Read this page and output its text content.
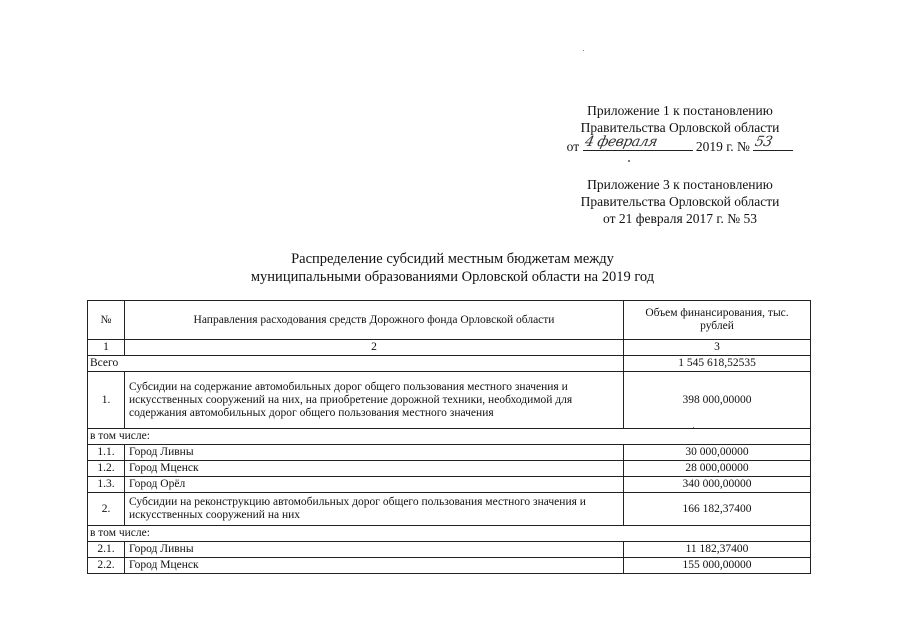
Приложение 1 к постановлению
Правительства Орловской области
от 4 февраля	2019 г. № 53
Приложение 3 к постановлению
Правительства Орловской области
от 21 февраля 2017 г. № 53
Распределение субсидий местным бюджетам между
муниципальными образованиями Орловской области на 2019 год
№	Направления расходования средств Дорожного фонда Орловской области	Объем финансирования, тыс. рублей
1	2	3
Всего		1 545 618,52535
1.	Субсидии на содержание автомобильных дорог общего пользования местного значения и искусственных сооружений на них, на приобретение дорожной техники, необходимой для содержания автомобильных дорог общего пользования местного значения	398 000,00000
в том числе:		
1.1.	Город Ливны	30 000,00000
1.2.	Город Мценск	28 000,00000
1.3.	Город Орёл	340 000,00000
2.	Субсидии на реконструкцию автомобильных дорог общего пользования местного значения и искусственных сооружений на них	166 182,37400
в том числе:		
2.1.	Город Ливны	11 182,37400
2.2.	Город Мценск	155 000,00000
